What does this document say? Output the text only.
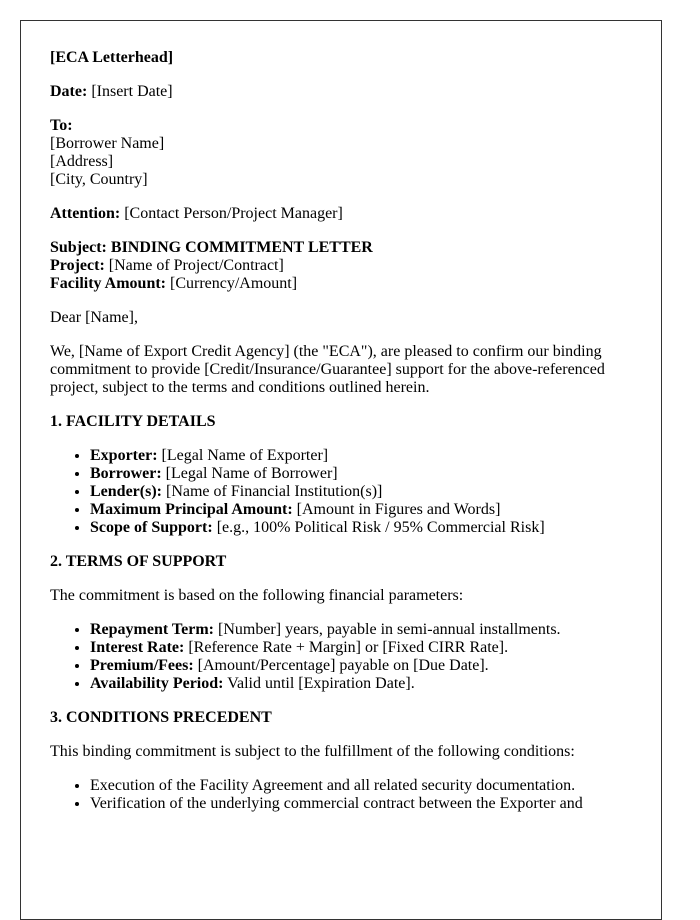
[ECA Letterhead]

Date: [Insert Date]

To:
[Borrower Name]
[Address]
[City, Country]

Attention: [Contact Person/Project Manager]

Subject: BINDING COMMITMENT LETTER
Project: [Name of Project/Contract]
Facility Amount: [Currency/Amount]

Dear [Name],

We, [Name of Export Credit Agency] (the "ECA"), are pleased to confirm our binding commitment to provide [Credit/Insurance/Guarantee] support for the above-referenced project, subject to the terms and conditions outlined herein.

1. FACILITY DETAILS
• Exporter: [Legal Name of Exporter]
• Borrower: [Legal Name of Borrower]
• Lender(s): [Name of Financial Institution(s)]
• Maximum Principal Amount: [Amount in Figures and Words]
• Scope of Support: [e.g., 100% Political Risk / 95% Commercial Risk]
2. TERMS OF SUPPORT

The commitment is based on the following financial parameters:

• Repayment Term: [Number] years, payable in semi-annual installments.
• Interest Rate: [Reference Rate + Margin] or [Fixed CIRR Rate].
• Premium/Fees: [Amount/Percentage] payable on [Due Date].
• Availability Period: Valid until [Expiration Date].
3. CONDITIONS PRECEDENT

This binding commitment is subject to the fulfillment of the following conditions:

• Execution of the Facility Agreement and all related security documentation.
• Verification of the underlying commercial contract between the Exporter and
